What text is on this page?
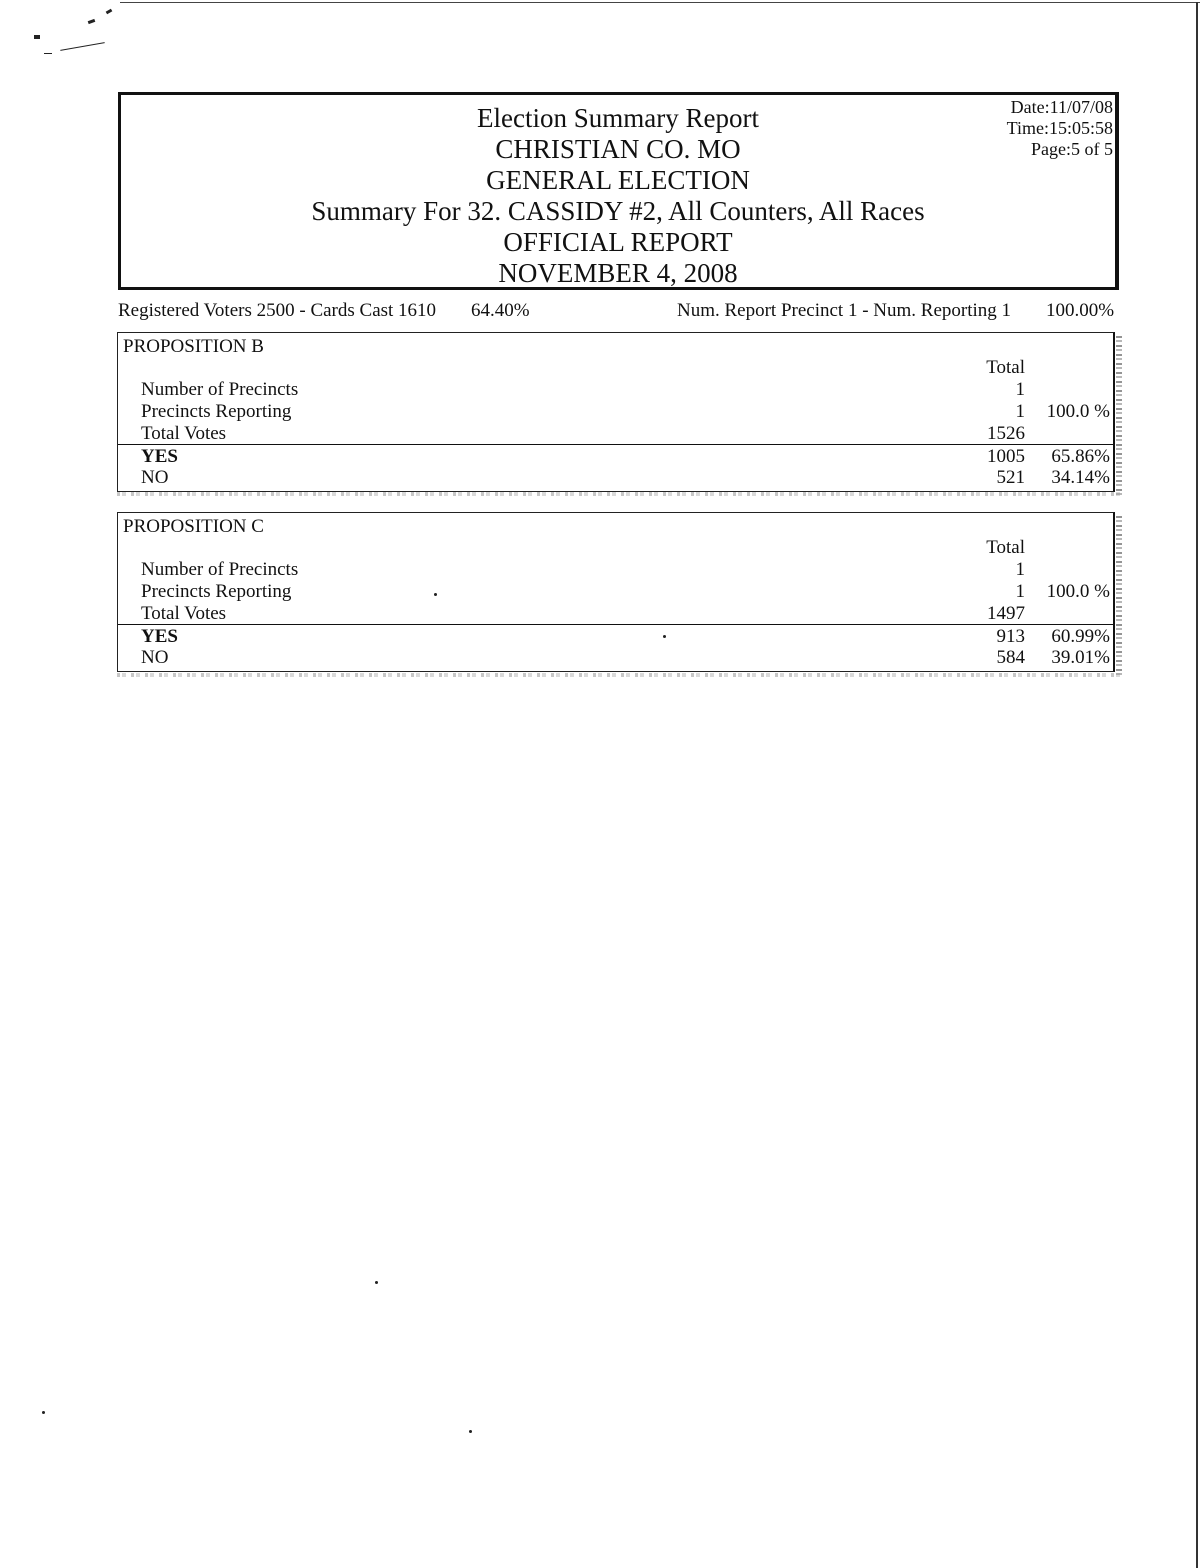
Election Summary Report
CHRISTIAN CO. MO
GENERAL ELECTION
Summary For 32. CASSIDY #2, All Counters, All Races
OFFICIAL REPORT
NOVEMBER 4, 2008
Date:11/07/08
Time:15:05:58
Page:5 of 5
Registered Voters 2500 - Cards Cast 1610 64.40%	Num. Report Precinct 1 - Num. Reporting 1 100.00%
PROPOSITION B
Total
Number of Precincts	1
Precincts Reporting	1 100.0 %
Total Votes	1526
YES	1005 65.86%
NO	521 34.14%
PROPOSITION C
Total
Number of Precincts	1
Precincts Reporting	1 100.0 %
Total Votes	1497
YES	913 60.99%
NO	584 39.01%
